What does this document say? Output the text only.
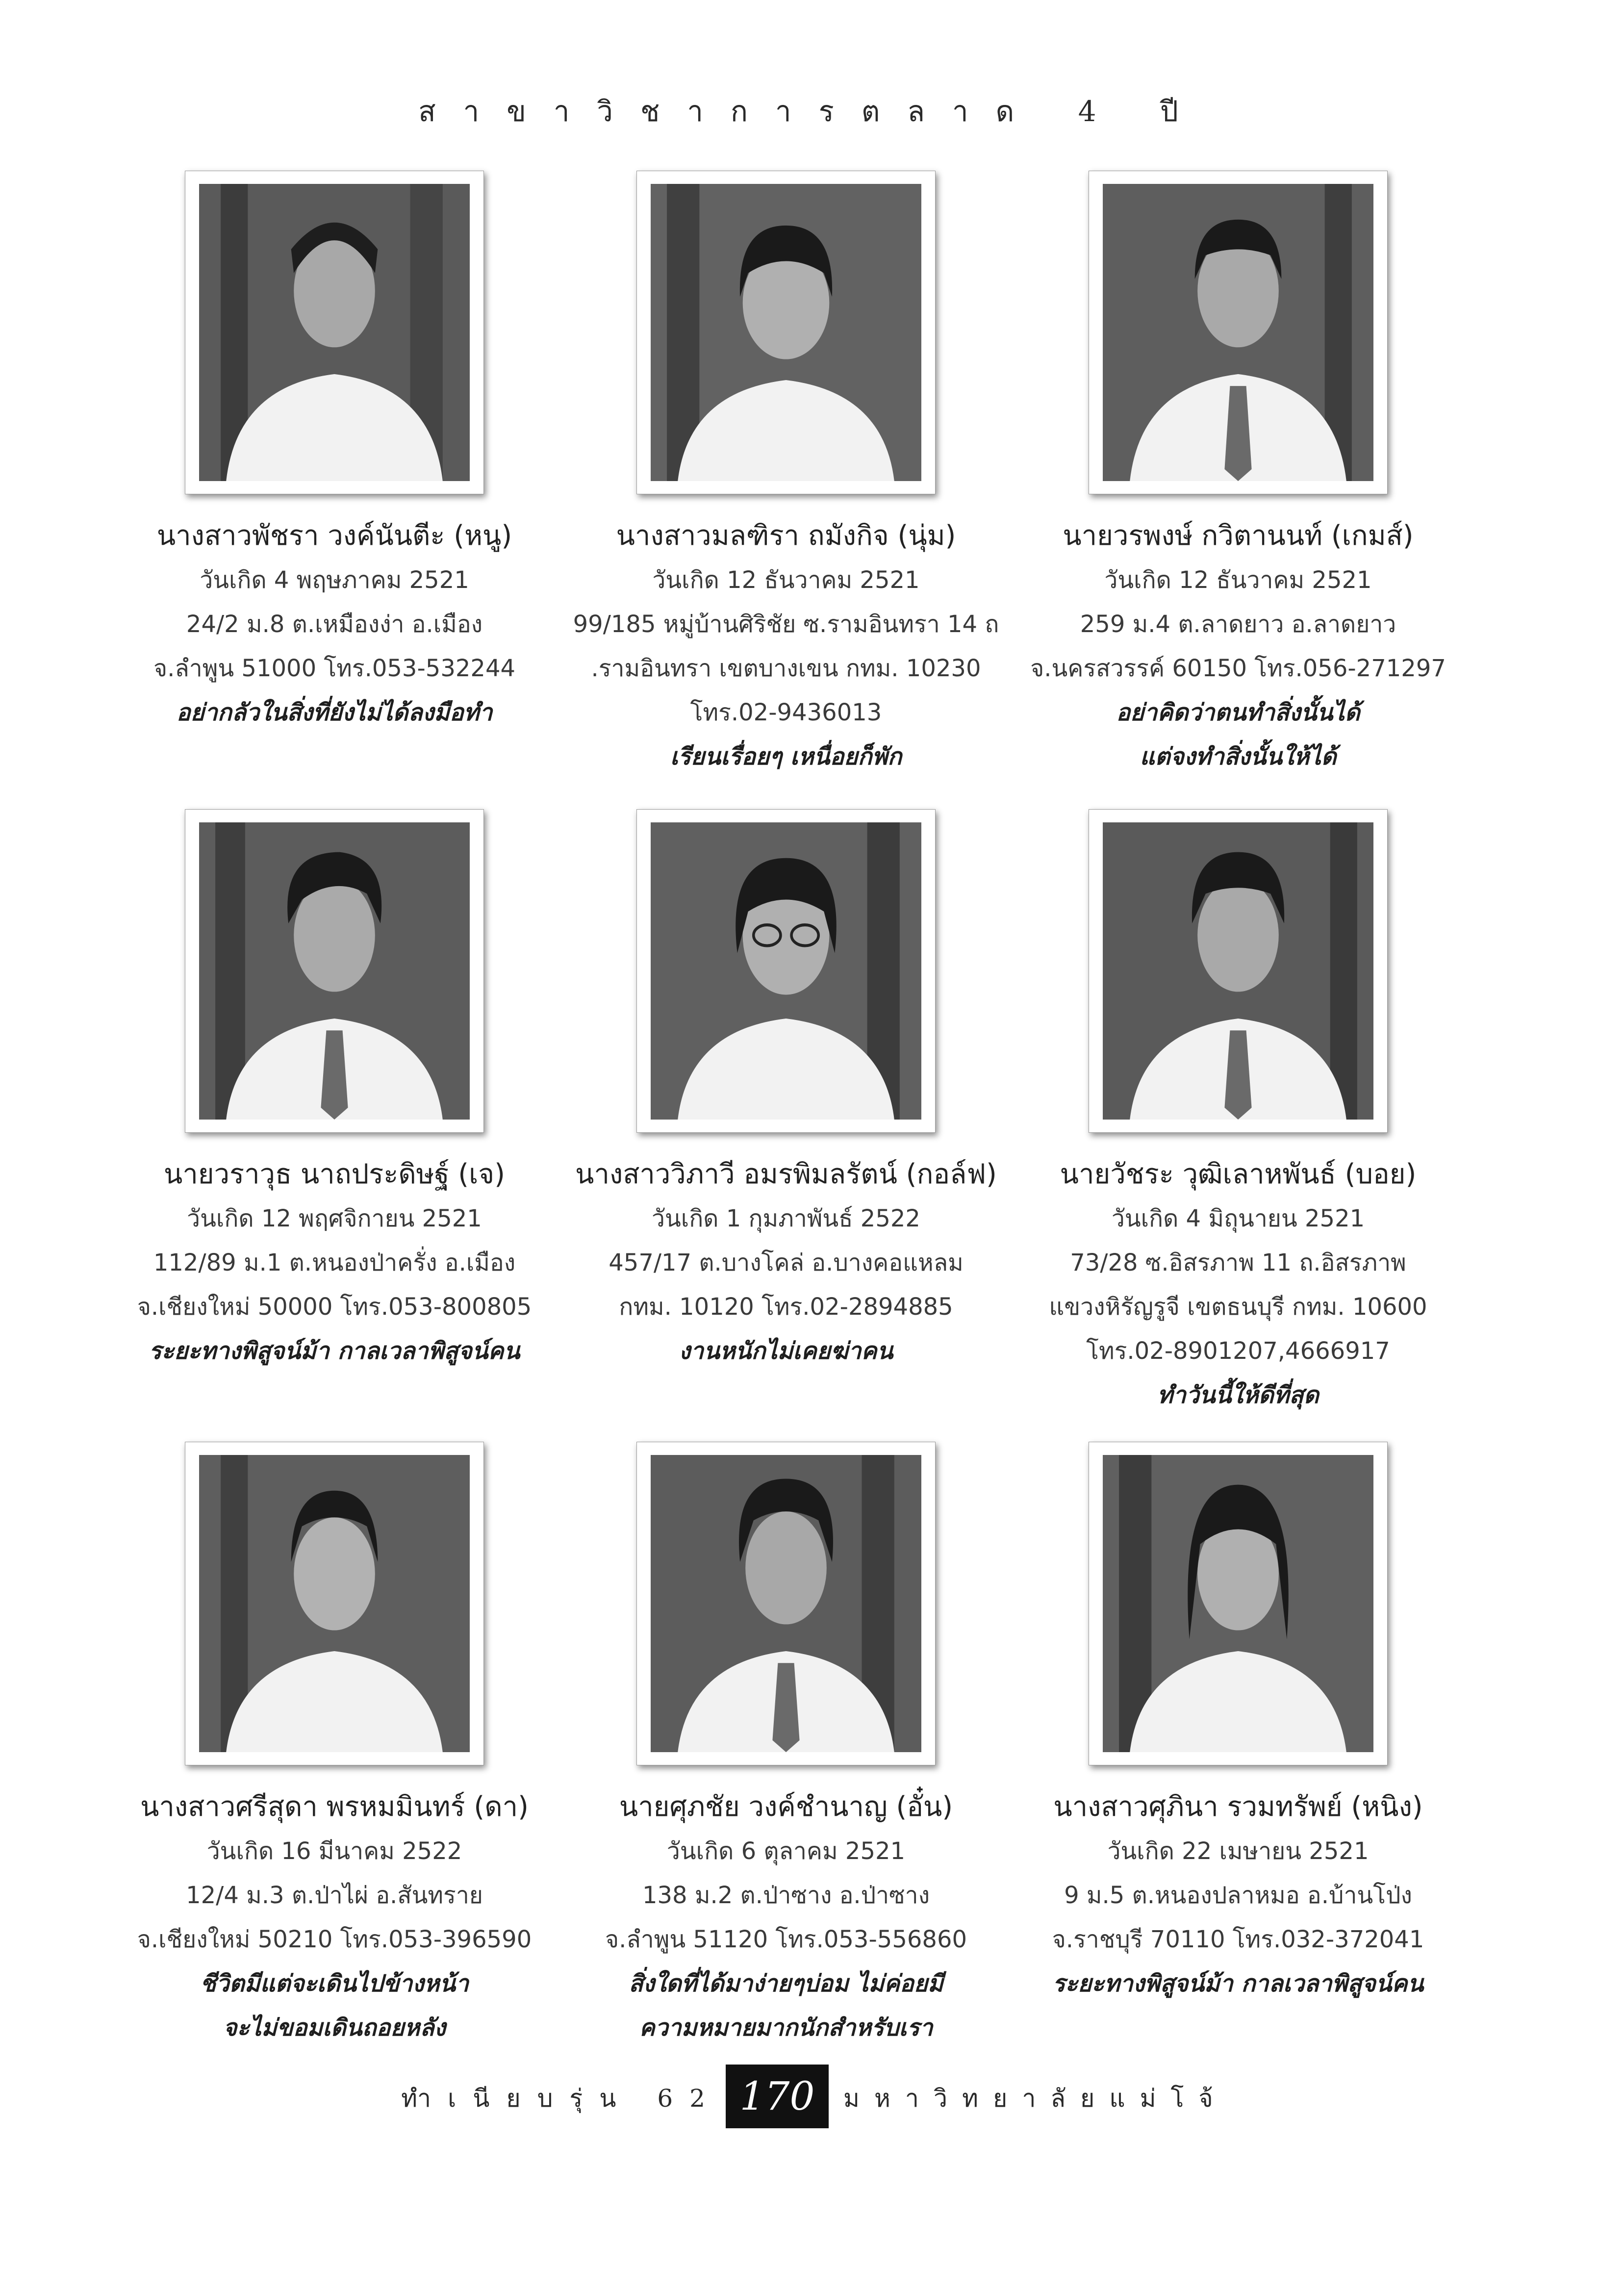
สาขาวิชาการตลาด 4 ปี
นางสาวพัชรา วงค์นันตีะ (หนู)
วันเกิด 4 พฤษภาคม 2521
24/2 ม.8 ต.เหมืองง่า อ.เมือง
จ.ลำพูน 51000 โทร.053-532244
อย่ากลัวในสิ่งที่ยังไม่ได้ลงมือทำ
นางสาวมลฑิรา ถมังกิจ (นุ่ม)
วันเกิด 12 ธันวาคม 2521
99/185 หมู่บ้านศิริชัย ซ.รามอินทรา 14 ถ
.รามอินทรา เขตบางเขน กทม. 10230
โทร.02-9436013
เรียนเรื่อยๆ เหนื่อยก็พัก
นายวรพงษ์ กวิตานนท์ (เกมส์)
วันเกิด 12 ธันวาคม 2521
259 ม.4 ต.ลาดยาว อ.ลาดยาว
จ.นครสวรรค์ 60150 โทร.056-271297
อย่าคิดว่าตนทำสิ่งนั้นได้
แต่จงทำสิ่งนั้นให้ได้
นายวราวุธ นาถประดิษฐ์ (เจ)
วันเกิด 12 พฤศจิกายน 2521
112/89 ม.1 ต.หนองป่าครั่ง อ.เมือง
จ.เชียงใหม่ 50000 โทร.053-800805
ระยะทางพิสูจน์ม้า กาลเวลาพิสูจน์คน
นางสาววิภาวี อมรพิมลรัตน์ (กอล์ฟ)
วันเกิด 1 กุมภาพันธ์ 2522
457/17 ต.บางโคล่ อ.บางคอแหลม
กทม. 10120 โทร.02-2894885
งานหนักไม่เคยฆ่าคน
นายวัชระ วุฒิเลาหพันธ์ (บอย)
วันเกิด 4 มิถุนายน 2521
73/28 ซ.อิสรภาพ 11 ถ.อิสรภาพ
แขวงหิรัญรูจี เขตธนบุรี กทม. 10600
โทร.02-8901207,4666917
ทำวันนี้ให้ดีที่สุด
นางสาวศรีสุดา พรหมมินทร์ (ดา)
วันเกิด 16 มีนาคม 2522
12/4 ม.3 ต.ป่าไผ่ อ.สันทราย
จ.เชียงใหม่ 50210 โทร.053-396590
ชีวิตมีแต่จะเดินไปข้างหน้า
จะไม่ขอมเดินถอยหลัง
นายศุภชัย วงค์ชำนาญ (อั๋น)
วันเกิด 6 ตุลาคม 2521
138 ม.2 ต.ป่าซาง อ.ป่าซาง
จ.ลำพูน 51120 โทร.053-556860
สิ่งใดที่ได้มาง่ายๆบ่อม ไม่ค่อยมี
ความหมายมากนักสำหรับเรา
นางสาวศุภินา รวมทรัพย์ (หนิง)
วันเกิด 22 เมษายน 2521
9 ม.5 ต.หนองปลาหมอ อ.บ้านโป่ง
จ.ราชบุรี 70110 โทร.032-372041
ระยะทางพิสูจน์ม้า กาลเวลาพิสูจน์คน
ทำเนียบรุ่น 62 170	มหาวิทยาลัยแม่โจ้
